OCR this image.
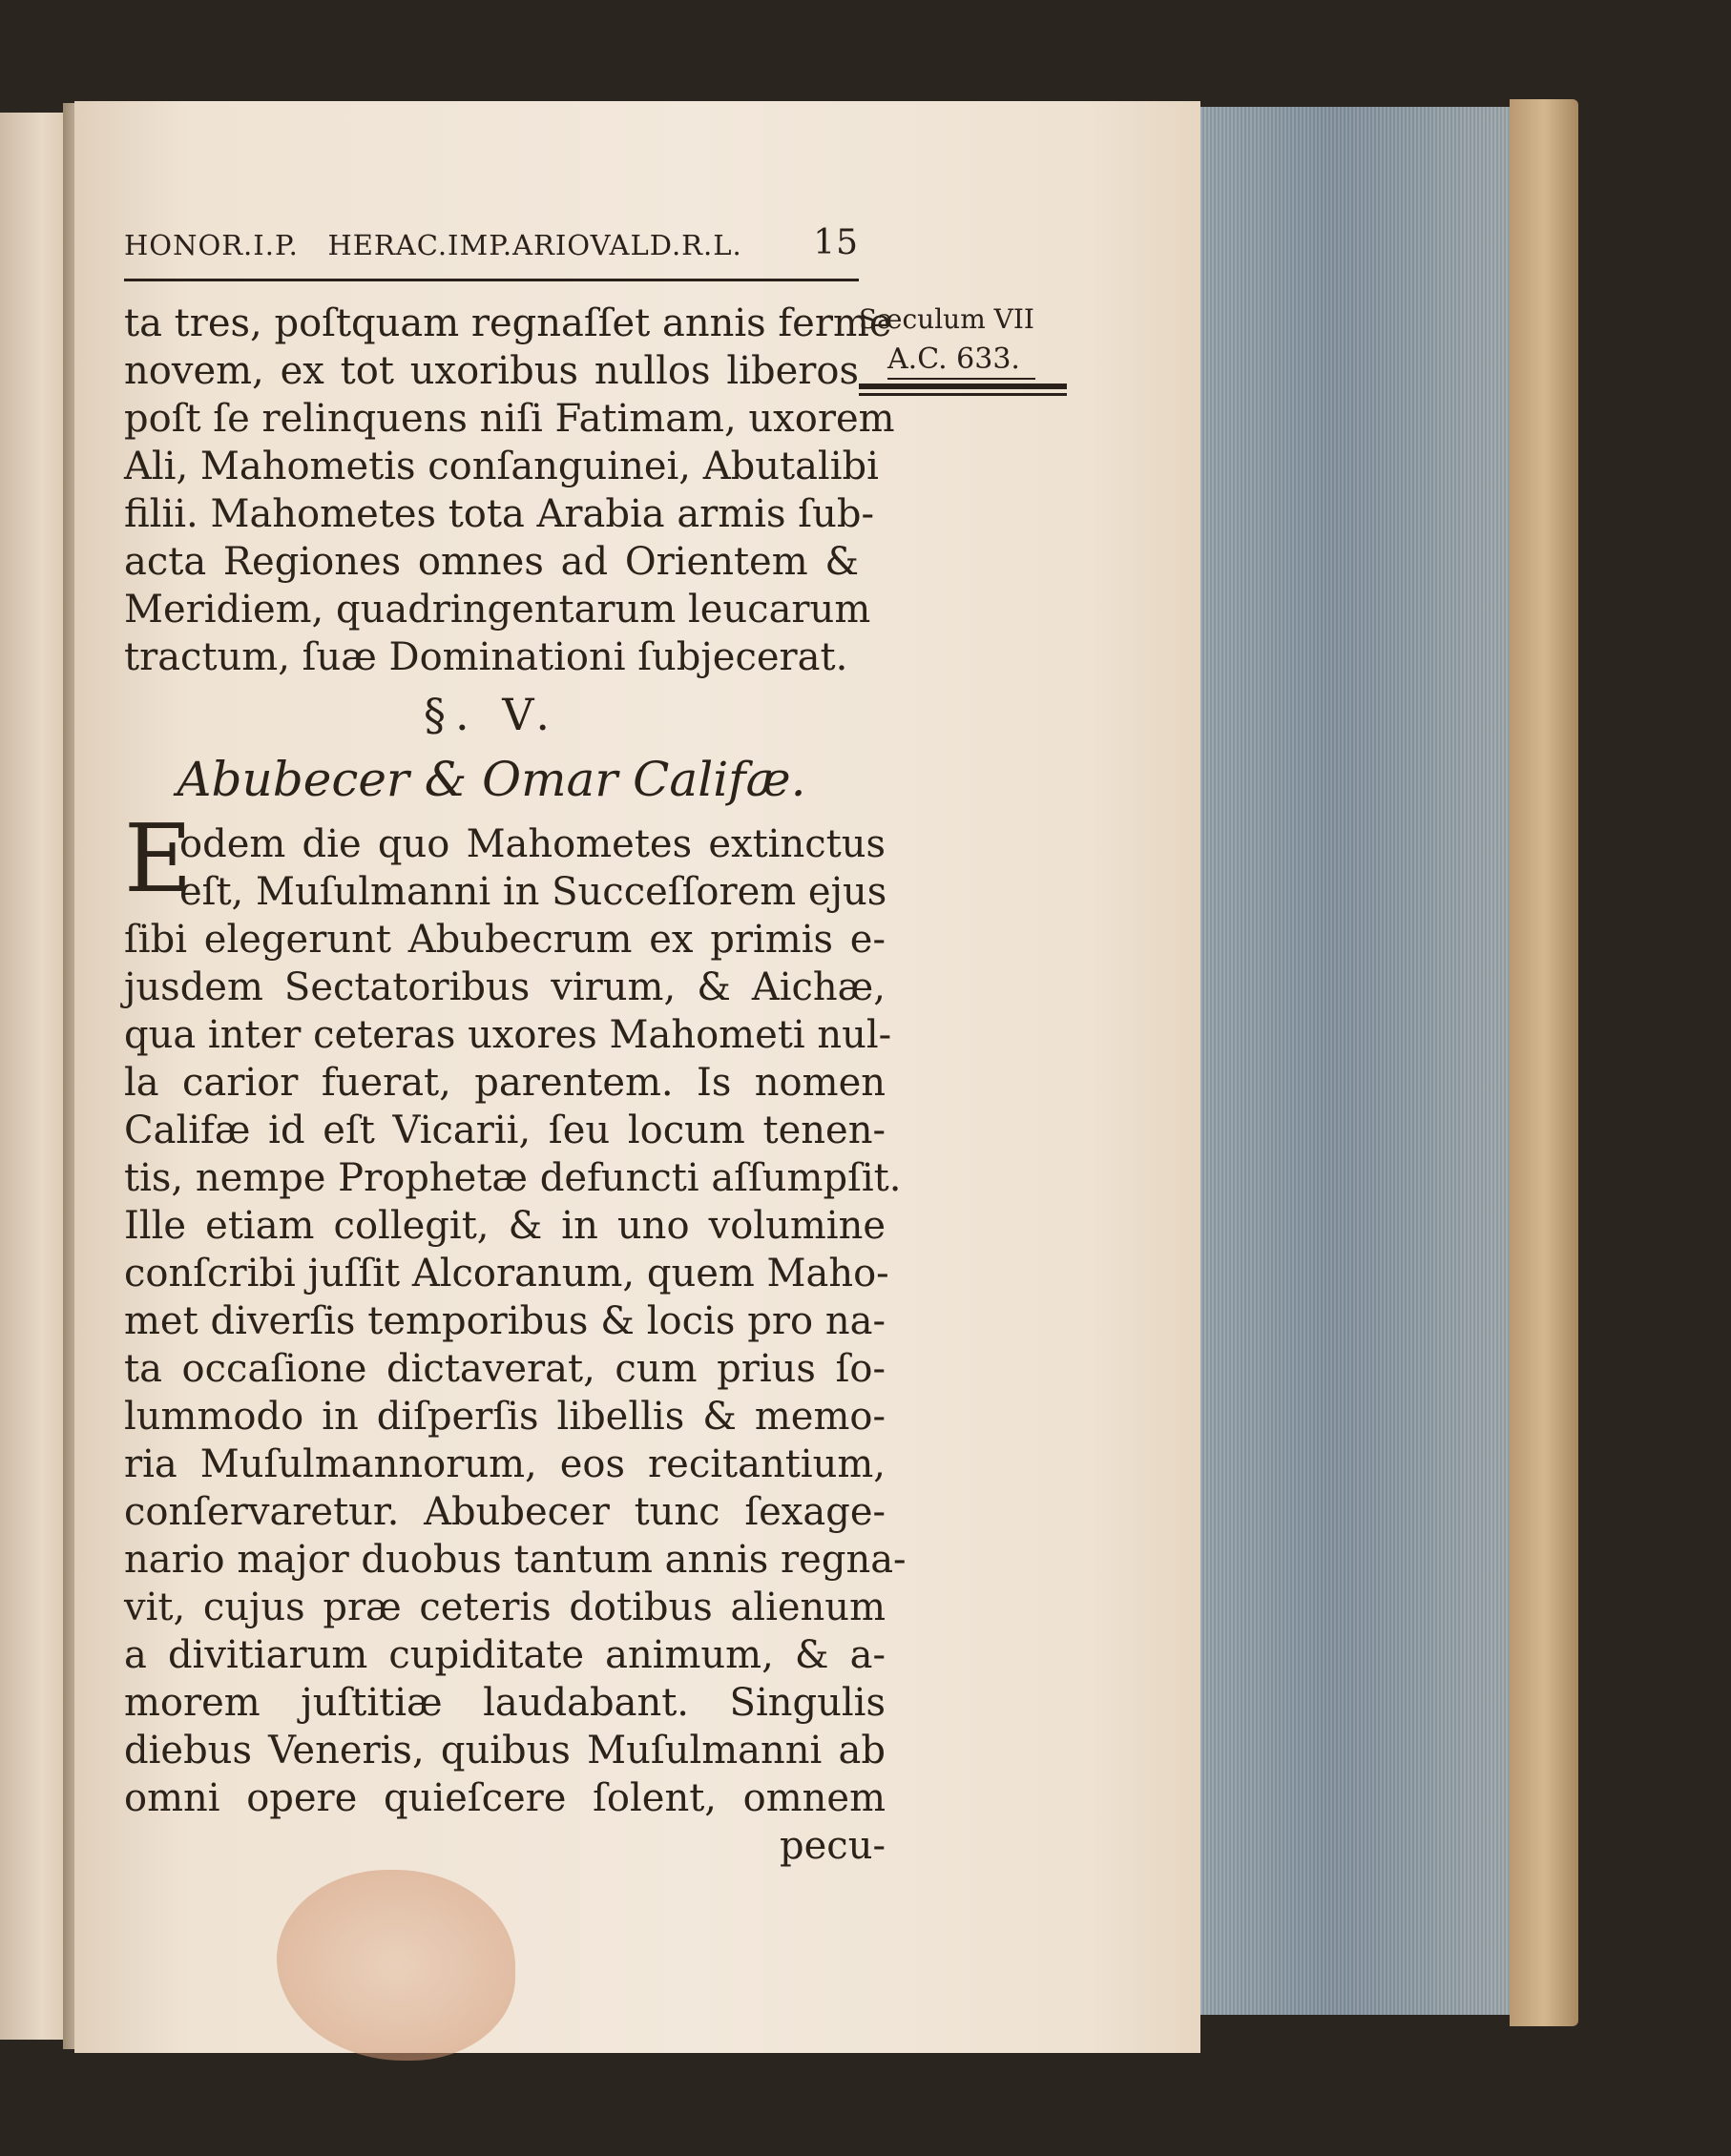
HONOR.I.P.   HERAC.IMP.ARIOVALD.R.L. 15
Sæculum VII
A.C. 633.
ta tres, poſtquam regnaſſet annis ferme
novem, ex tot uxoribus nullos liberos
poſt ſe relinquens niſi Fatimam, uxorem
Ali, Mahometis conſanguinei, Abutalibi
filii. Mahometes tota Arabia armis ſub-
acta Regiones omnes ad Orientem &
Meridiem, quadringentarum leucarum
tractum, ſuæ Dominationi ſubjecerat.
§. V.
Abubecer & Omar Califæ.
E
odem die quo Mahometes extinctus
eſt, Muſulmanni in Succeſſorem ejus
ſibi elegerunt Abubecrum ex primis e-
jusdem Sectatoribus virum, & Aichæ,
qua inter ceteras uxores Mahometi nul-
la carior fuerat, parentem. Is nomen
Califæ id eſt Vicarii, ſeu locum tenen-
tis, nempe Prophetæ defuncti aſſumpſit.
Ille etiam collegit, & in uno volumine
conſcribi juſſit Alcoranum, quem Maho-
met diverſis temporibus & locis pro na-
ta occaſione dictaverat, cum prius ſo-
lummodo in diſperſis libellis & memo-
ria Muſulmannorum, eos recitantium,
conſervaretur. Abubecer tunc ſexage-
nario major duobus tantum annis regna-
vit, cujus præ ceteris dotibus alienum
a divitiarum cupiditate animum, & a-
morem juſtitiæ laudabant. Singulis
diebus Veneris, quibus Muſulmanni ab
omni opere quieſcere ſolent, omnem
pecu-
